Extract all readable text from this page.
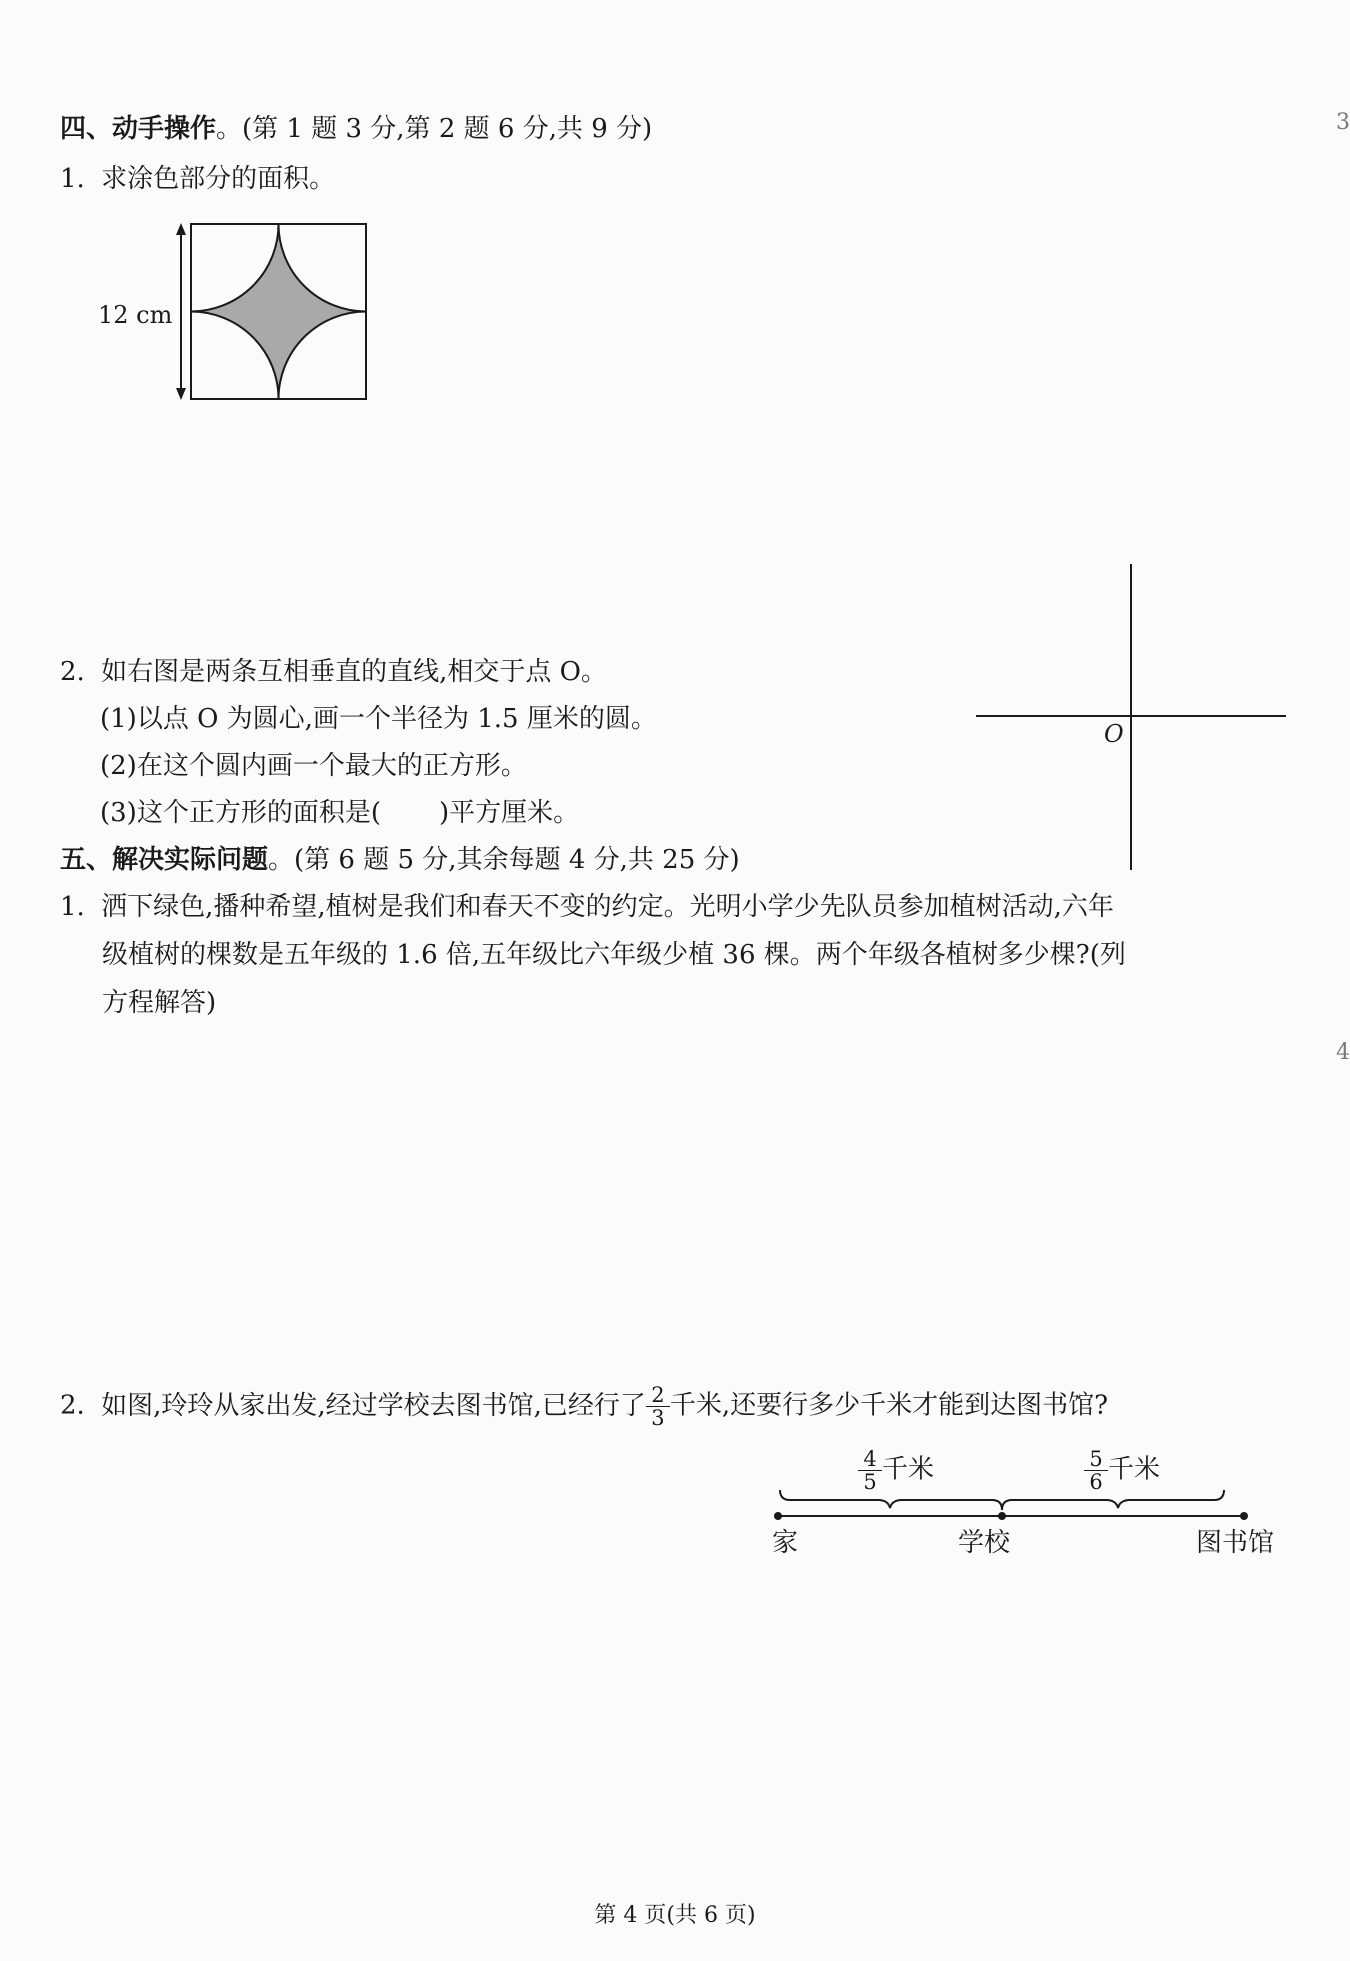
3
4
四、动手操作。(第 1 题 3 分,第 2 题 6 分,共 9 分)
1. 求涂色部分的面积。
12 cm
O
2. 如右图是两条互相垂直的直线,相交于点 O。
(1)以点 O 为圆心,画一个半径为 1.5 厘米的圆。
(2)在这个圆内画一个最大的正方形。
(3)这个正方形的面积是( )平方厘米。
五、解决实际问题。(第 6 题 5 分,其余每题 4 分,共 25 分)
1. 洒下绿色,播种希望,植树是我们和春天不变的约定。光明小学少先队员参加植树活动,六年
级植树的棵数是五年级的 1.6 倍,五年级比六年级少植 36 棵。两个年级各植树多少棵?(列
方程解答)
2. 如图,玲玲从家出发,经过学校去图书馆,已经行了 $\frac{2}{3}$ 千米,还要行多少千米才能到达图书馆?
$\frac{4}{5}$ 千米	$\frac{5}{6}$ 千米
家	学校	图书馆
第 4 页(共 6 页)
